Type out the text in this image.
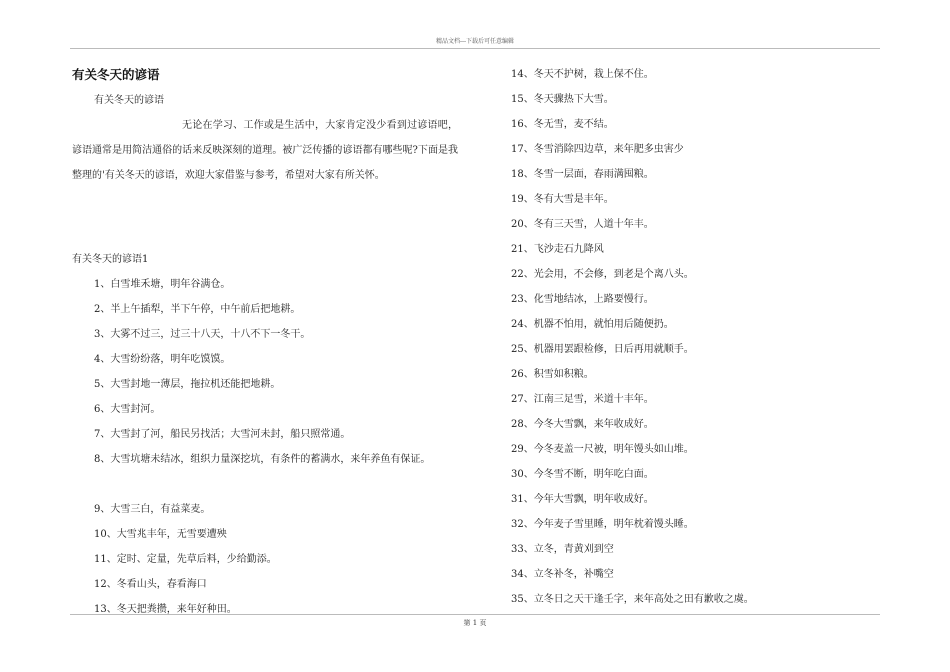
精品文档---下载后可任意编辑
有关冬天的谚语
有关冬天的谚语

无论在学习、工作或是生活中，大家肯定没少看到过谚语吧，谚语通常是用简洁通俗的话来反映深刻的道理。被广泛传播的谚语都有哪些呢?下面是我整理的'有关冬天的谚语，欢迎大家借鉴与参考，希望对大家有所关怀。

有关冬天的谚语1
1、白雪堆禾塘，明年谷满仓。
2、半上午插犁，半下午停，中午前后把地耕。
3、大雾不过三，过三十八天，十八不下一冬干。
4、大雪纷纷落，明年吃馍馍。
5、大雪封地一薄层，拖拉机还能把地耕。
6、大雪封河。
7、大雪封了河，船民另找活；大雪河未封，船只照常通。
8、大雪坑塘未结冰，组织力量深挖坑，有条件的蓄满水，来年养鱼有保证。
9、大雪三白，有益菜麦。
10、大雪兆丰年，无雪要遭殃
11、定时、定量，先草后料，少给勤添。
12、冬看山头，春看海口
13、冬天把粪攒，来年好种田。
14、冬天不护树，栽上保不住。
15、冬天骤热下大雪。
16、冬无雪，麦不结。
17、冬雪消除四边草，来年肥多虫害少
18、冬雪一层面，春雨满囤粮。
19、冬有大雪是丰年。
20、冬有三天雪，人道十年丰。
21、飞沙走石九降风
22、光会用，不会修，到老是个离八头。
23、化雪地结冰，上路要慢行。
24、机器不怕用，就怕用后随便扔。
25、机器用罢跟检修，日后再用就顺手。
26、积雪如积粮。
27、江南三足雪，米道十丰年。
28、今冬大雪飘，来年收成好。
29、今冬麦盖一尺被，明年馒头如山堆。
30、今冬雪不断，明年吃白面。
31、今年大雪飘，明年收成好。
32、今年麦子雪里睡，明年枕着馒头睡。
33、立冬，青黄刈到空
34、立冬补冬，补嘴空
35、立冬日之天干逢壬字，来年高处之田有歉收之虞。
第 1 页
